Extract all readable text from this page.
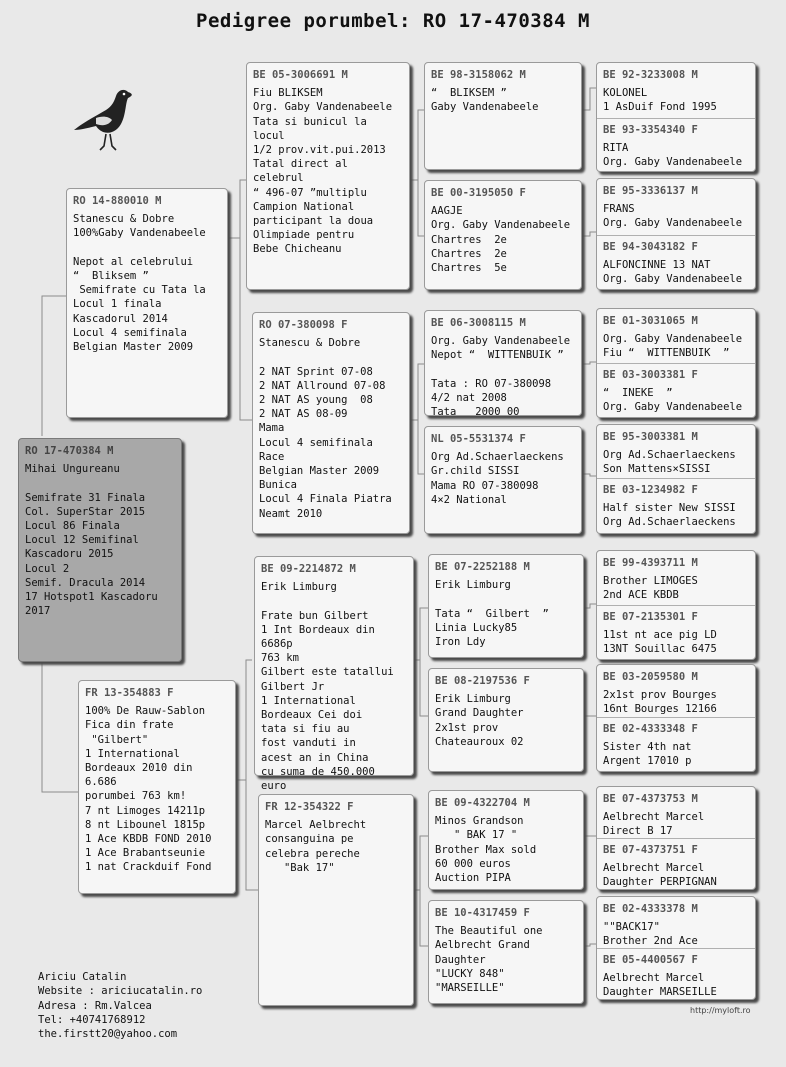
Pedigree porumbel: RO 17-470384 M
RO 17-470384 M
Mihai Ungureanu

Semifrate 31 Finala
Col. SuperStar 2015
Locul 86 Finala
Locul 12 Semifinal
Kascadoru 2015
Locul 2
Semif. Dracula 2014
17 Hotspot1 Kascadoru
2017
RO 14-880010 M
Stanescu & Dobre
100%Gaby Vandenabeele

Nepot al celebrului
“  Bliksem ”
Semifrate cu Tata la
Locul 1 finala
Kascadorul 2014
Locul 4 semifinala
Belgian Master 2009
FR 13-354883 F
100% De Rauw-Sablon
Fica din frate
"Gilbert"
1 International
Bordeaux 2010 din 6.686
porumbei 763 km!
7 nt Limoges 14211p
8 nt Libounel 1815p
1 Ace KBDB FOND 2010
1 Ace Brabantseunie
1 nat Crackduif Fond
BE 05-3006691 M
Fiu BLIKSEM
Org. Gaby Vandenabeele
Tata si bunicul la locul
1/2 prov.vit.pui.2013
Tatal direct al celebrul
“ 496-07 ”multiplu
Campion National
participant la doua
Olimpiade pentru
Bebe Chicheanu
RO 07-380098 F
Stanescu & Dobre

2 NAT Sprint 07-08
2 NAT Allround 07-08
2 NAT AS young  08
2 NAT AS 08-09
Mama
Locul 4 semifinala Race
Belgian Master 2009
Bunica
Locul 4 Finala Piatra
Neamt 2010
BE 09-2214872 M
Erik Limburg

Frate bun Gilbert
1 Int Bordeaux din 6686p
763 km
Gilbert este tatallui
Gilbert Jr
1 International
Bordeaux Cei doi
tata si fiu au
fost vanduti in
acest an in China
cu suma de 450.000
euro
FR 12-354322 F
Marcel Aelbrecht
consanguina pe
celebra pereche
"Bak 17"
BE 98-3158062 M
“  BLIKSEM ”
Gaby Vandenabeele
BE 00-3195050 F
AAGJE
Org. Gaby Vandenabeele
Chartres  2e
Chartres  2e
Chartres  5e
BE 06-3008115 M
Org. Gaby Vandenabeele
Nepot “  WITTENBUIK ”

Tata : RO 07-380098
4/2 nat 2008
Tata   2000 00
NL 05-5531374 F
Org Ad.Schaerlaeckens
Gr.child SISSI
Mama RO 07-380098
4×2 National
BE 07-2252188 M
Erik Limburg

Tata “  Gilbert  ”
Linia Lucky85
Iron Ldy
BE 08-2197536 F
Erik Limburg
Grand Daughter
2x1st prov
Chateauroux 02
BE 09-4322704 M
Minos Grandson
" BAK 17 "
Brother Max sold
60 000 euros
Auction PIPA
BE 10-4317459 F
The Beautiful one
Aelbrecht Grand
Daughter
"LUCKY 848"
"MARSEILLE"
BE 92-3233008 M
KOLONEL
1 AsDuif Fond 1995
BE 93-3354340 F
RITA
Org. Gaby Vandenabeele
BE 95-3336137 M
FRANS
Org. Gaby Vandenabeele
BE 94-3043182 F
ALFONCINNE 13 NAT
Org. Gaby Vandenabeele
BE 01-3031065 M
Org. Gaby Vandenabeele
Fiu “  WITTENBUIK  ”
BE 03-3003381 F
“  INEKE  ”
Org. Gaby Vandenabeele
BE 95-3003381 M
Org Ad.Schaerlaeckens
Son Mattens×SISSI
BE 03-1234982 F
Half sister New SISSI
Org Ad.Schaerlaeckens
BE 99-4393711 M
Brother LIMOGES
2nd ACE KBDB
BE 07-2135301 F
11st nt ace pig LD
13NT Souillac 6475
BE 03-2059580 M
2x1st prov Bourges
16nt Bourges 12166
BE 02-4333348 F
Sister 4th nat
Argent 17010 p
BE 07-4373753 M
Aelbrecht Marcel
Direct B 17
BE 07-4373751 F
Aelbrecht Marcel
Daughter PERPIGNAN
BE 02-4333378 M
""BACK17"
Brother 2nd Ace
BE 05-4400567 F
Aelbrecht Marcel
Daughter MARSEILLE
Ariciu Catalin
Website : ariciucatalin.ro
Adresa : Rm.Valcea
Tel: +40741768912
the.firstt20@yahoo.com
http://myloft.ro
